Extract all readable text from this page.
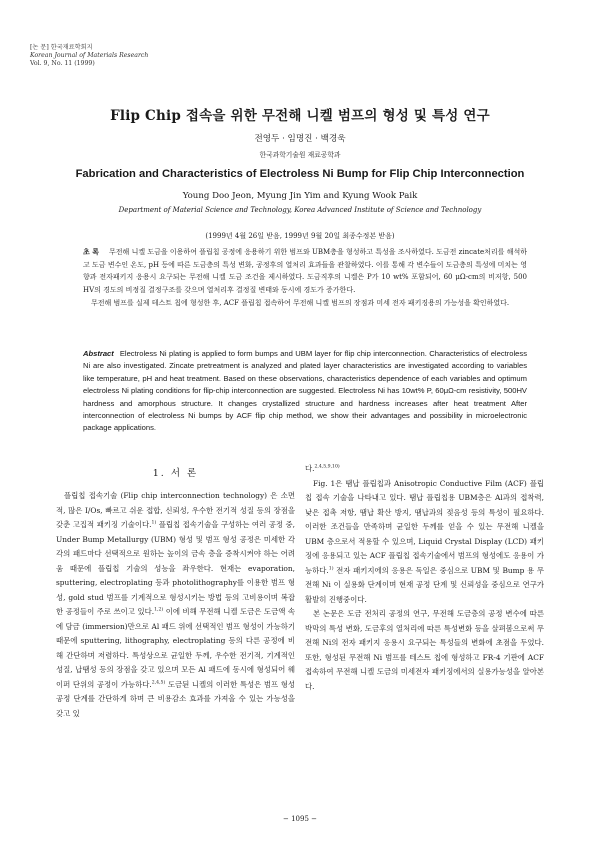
[논 문] 한국재료학회지
Korean Journal of Materials Research
Vol. 9, No. 11 (1999)
Flip Chip 접속을 위한 무전해 니켈 범프의 형성 및 특성 연구
전영두 · 임명진 · 백경욱
한국과학기술원 재료공학과
Fabrication and Characteristics of Electroless Ni Bump for Flip Chip Interconnection
Young Doo Jeon, Myung Jin Yim and Kyung Wook Paik
Department of Material Science and Technology, Korea Advanced Institute of Science and Technology
(1999년 4월 26일 받음, 1999년 9월 20일 최종수정본 받음)

초 록 무전해 니켈 도금을 이용하여 플립칩 공정에 응용하기 위한 범프와 UBM층을 형성하고 특성을 조사하였다. 도금전 zincate처리를 해석하고 도금 변수인 온도, pH 등에 따른 도금층의 특성 변화, 공정후의 열처리 효과들을 관찰하였다. 이를 통해 각 변수들이 도금층의 특성에 미치는 영향과 전자패키지 응용시 요구되는 무전해 니켈 도금 조건을 제시하였다. 도금직후의 니켈은 P가 10 wt% 포함되어, 60 μΩ-cm의 비저항, 500 HV의 경도의 비정질 결정구조를 갖으며 열처리후 결정질 변태와 동시에 경도가 증가한다.

무전해 범프를 실제 테스트 칩에 형성한 후, ACF 플립칩 접속하여 무전해 니켈 범프의 장점과 미세 전자 패키징용의 가능성을 확인하였다.

Abstract Electroless Ni plating is applied to form bumps and UBM layer for flip chip interconnection. Characteristics of electroless Ni are also investigated. Zincate pretreatment is analyzed and plated layer characteristics are investigated according to variables like temperature, pH and heat treatment. Based on these observations, characteristics dependence of each variables and optimum electroless Ni plating conditions for flip-chip interconnection are suggested. Electroless Ni has 10wt% P, 60μΩ-cm resistivity, 500HV hardness and amorphous structure. It changes crystallized structure and hardness increases after heat treatment After interconnection of electroless Ni bumps by ACF flip chip method, we show their advantages and possibility in microelectronic package applications.
1. 서 론

플립칩 접속기술 (Flip chip interconnection technology) 은 소면적, 많은 I/Os, 빠르고 쉬운 접합, 신뢰성, 우수한 전기적 성질 등의 장점을 갖춘 고집적 패키징 기술이다.$^{1)}$ 플립칩 접속기술을 구성하는 여러 공정 중, Under Bump Metallurgy (UBM) 형성 및 범프 형성 공정은 미세한 각각의 패드마다 선택적으로 원하는 높이의 금속 층을 증착시켜야 하는 어려움 때문에 플립칩 기술의 성능을 좌우한다. 현재는 evaporation, sputtering, electroplating 등과 photolithography를 이용한 범프 형성, gold stud 범프를 기계적으로 형성시키는 방법 등의 고비용이며 복잡한 공정들이 주로 쓰이고 있다.$^{1,2)}$ 이에 비해 무전해 니켈 도금은 도금액 속에 담금 (immersion)만으로 Al 패드 위에 선택적인 범프 형성이 가능하기 때문에 sputtering, lithography, electroplating 등의 다른 공정에 비해 간단하며 저렴하다. 특성상으로 균일한 두께, 우수한 전기적, 기계적인 성질, 납땜성 등의 장점을 갖고 있으며 모든 Al 패드에 동시에 형성되어 웨이퍼 단위의 공정이 가능하다.$^{2,4,5)}$ 도금된 니켈의 이러한 특성은 범프 형성 공정 단계를 간단하게 하며 큰 비용감소 효과를 가져올 수 있는 가능성을 갖고 있

다.$^{2,4,5,9,10)}$

Fig. 1은 땜납 플립칩과 Anisotropic Conductive Film (ACF) 플립칩 접속 기술을 나타내고 있다. 땜납 플립칩용 UBM층은 Al과의 접착력, 낮은 접촉 저항, 땜납 확산 방지, 땜납과의 젖음성 등의 특성이 필요하다. 이러한 조건들을 만족하며 균일한 두께를 얻을 수 있는 무전해 니켈을 UBM 층으로서 적용할 수 있으며, Liquid Crystal Display (LCD) 패키징에 응용되고 있는 ACF 플립칩 접속기술에서 범프의 형성에도 응용이 가능하다.$^{1)}$ 전자 패키지에의 응용은 독일은 중심으로 UBM 및 Bump 용 무전해 Ni 이 실용화 단계이며 현재 공정 단계 및 신뢰성을 중심으로 연구가 활발히 진행중이다.

본 논문은 도금 전처리 공정의 연구, 무전해 도금층의 공정 변수에 따른 박막의 특성 변화, 도금후의 열처리에 따른 특성변화 등을 살펴봄으로써 무전해 Ni의 전자 패키지 응용시 요구되는 특성들의 변화에 초점을 두었다. 또한, 형성된 무전해 Ni 범프를 테스트 칩에 형성하고 FR-4 기판에 ACF 접속하여 무전해 니켈 도금의 미세전자 패키징에서의 실용가능성을 알아본다.

− 1095 −
